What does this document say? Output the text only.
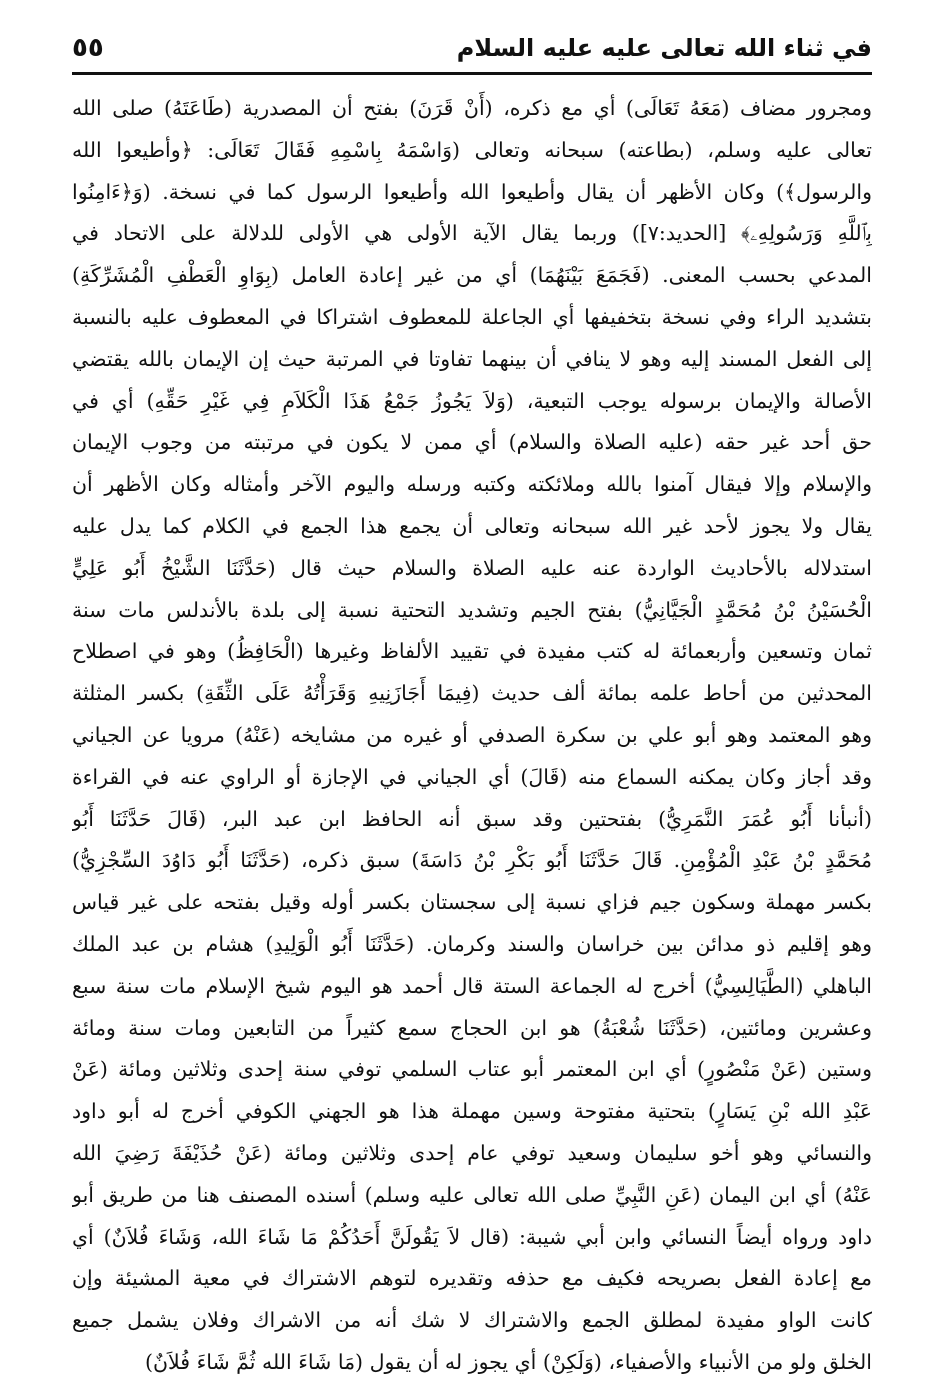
في ثناء الله تعالى عليه عليه السلام
٥٥
ومجرور مضاف (مَعَهُ تَعَالَى) أي مع ذكره، (أَنْ قَرَنَ) بفتح أن المصدرية (طَاعَتَهُ) صلى الله
تعالى عليه وسلم، (بطاعته) سبحانه وتعالى (وَاسْمَهُ بِاسْمِهِ فَقَالَ تَعَالَى: ﴿وأطيعوا الله
والرسول﴾) وكان الأظهر أن يقال وأطيعوا الله وأطيعوا الرسول كما في نسخة. (وَ﴿ءَامِنُوا
بِٱللَّهِ وَرَسُولِهِۦ﴾ [الحديد:٧]) وربما يقال الآية الأولى هي الأولى للدلالة على الاتحاد في
المدعي بحسب المعنى. (فَجَمَعَ بَيْنَهُمَا) أي من غير إعادة العامل (بِوَاوِ الْعَطْفِ الْمُشَرِّكَةِ)
بتشديد الراء وفي نسخة بتخفيفها أي الجاعلة للمعطوف اشتراكا في المعطوف عليه بالنسبة
إلى الفعل المسند إليه وهو لا ينافي أن بينهما تفاوتا في المرتبة حيث إن الإيمان بالله يقتضي
الأصالة والإيمان برسوله يوجب التبعية، (وَلاَ يَجُوزُ جَمْعُ هَذَا الْكَلاَمِ فِي غَيْرِ حَقِّهِ) أي في
حق أحد غير حقه (عليه الصلاة والسلام) أي ممن لا يكون في مرتبته من وجوب الإيمان
والإسلام وإلا فيقال آمنوا بالله وملائكته وكتبه ورسله واليوم الآخر وأمثاله وكان الأظهر أن
يقال ولا يجوز لأحد غير الله سبحانه وتعالى أن يجمع هذا الجمع في الكلام كما يدل عليه
استدلاله بالأحاديث الواردة عنه عليه الصلاة والسلام حيث قال (حَدَّثَنَا الشَّيْخُ أَبُو عَلِيٍّ
الْحُسَيْنُ بْنُ مُحَمَّدٍ الْجَيَّانِيُّ) بفتح الجيم وتشديد التحتية نسبة إلى بلدة بالأندلس مات سنة
ثمان وتسعين وأربعمائة له كتب مفيدة في تقييد الألفاظ وغيرها (الْحَافِظُ) وهو في اصطلاح
المحدثين من أحاط علمه بمائة ألف حديث (فِيمَا أَجَازَنِيهِ وَقَرَأْتُهُ عَلَى الثِّقَةِ) بكسر المثلثة
وهو المعتمد وهو أبو علي بن سكرة الصدفي أو غيره من مشايخه (عَنْهُ) مرويا عن الجياني
وقد أجاز وكان يمكنه السماع منه (قَالَ) أي الجياني في الإجازة أو الراوي عنه في القراءة
(أنبأنا أَبُو عُمَرَ النَّمَرِيُّ) بفتحتين وقد سبق أنه الحافظ ابن عبد البر، (قَالَ حَدَّثَنَا أَبُو
مُحَمَّدٍ بْنُ عَبْدِ الْمُؤْمِنِ. قَالَ حَدَّثَنَا أَبُو بَكْرِ بْنُ دَاسَةَ) سبق ذكره، (حَدَّثَنَا أَبُو دَاوُدَ السِّجْزِيُّ)
بكسر مهملة وسكون جيم فزاي نسبة إلى سجستان بكسر أوله وقيل بفتحه على غير قياس
وهو إقليم ذو مدائن بين خراسان والسند وكرمان. (حَدَّثَنَا أَبُو الْوَلِيدِ) هشام بن عبد الملك
الباهلي (الطَّيَالِسِيُّ) أخرج له الجماعة الستة قال أحمد هو اليوم شيخ الإسلام مات سنة سبع
وعشرين ومائتين، (حَدَّثَنَا شُعْبَةُ) هو ابن الحجاج سمع كثيراً من التابعين ومات سنة ومائة
وستين (عَنْ مَنْصُورٍ) أي ابن المعتمر أبو عتاب السلمي توفي سنة إحدى وثلاثين ومائة (عَنْ
عَبْدِ الله بْنِ يَسَارٍ) بتحتية مفتوحة وسين مهملة هذا هو الجهني الكوفي أخرج له أبو داود
والنسائي وهو أخو سليمان وسعيد توفي عام إحدى وثلاثين ومائة (عَنْ حُذَيْفَةَ رَضِيَ الله
عَنْهُ) أي ابن اليمان (عَنِ النَّبِيِّ صلى الله تعالى عليه وسلم) أسنده المصنف هنا من طريق أبو
داود ورواه أيضاً النسائي وابن أبي شيبة: (قال لاَ يَقُولَنَّ أَحَدُكُمْ مَا شَاءَ الله، وَشَاءَ فُلاَنٌ) أي
مع إعادة الفعل بصريحه فكيف مع حذفه وتقديره لتوهم الاشتراك في معية المشيئة وإن
كانت الواو مفيدة لمطلق الجمع والاشتراك لا شك أنه من الاشراك وفلان يشمل جميع
الخلق ولو من الأنبياء والأصفياء، (وَلَكِنْ) أي يجوز له أن يقول (مَا شَاءَ الله ثُمَّ شَاءَ فُلاَنٌ)
